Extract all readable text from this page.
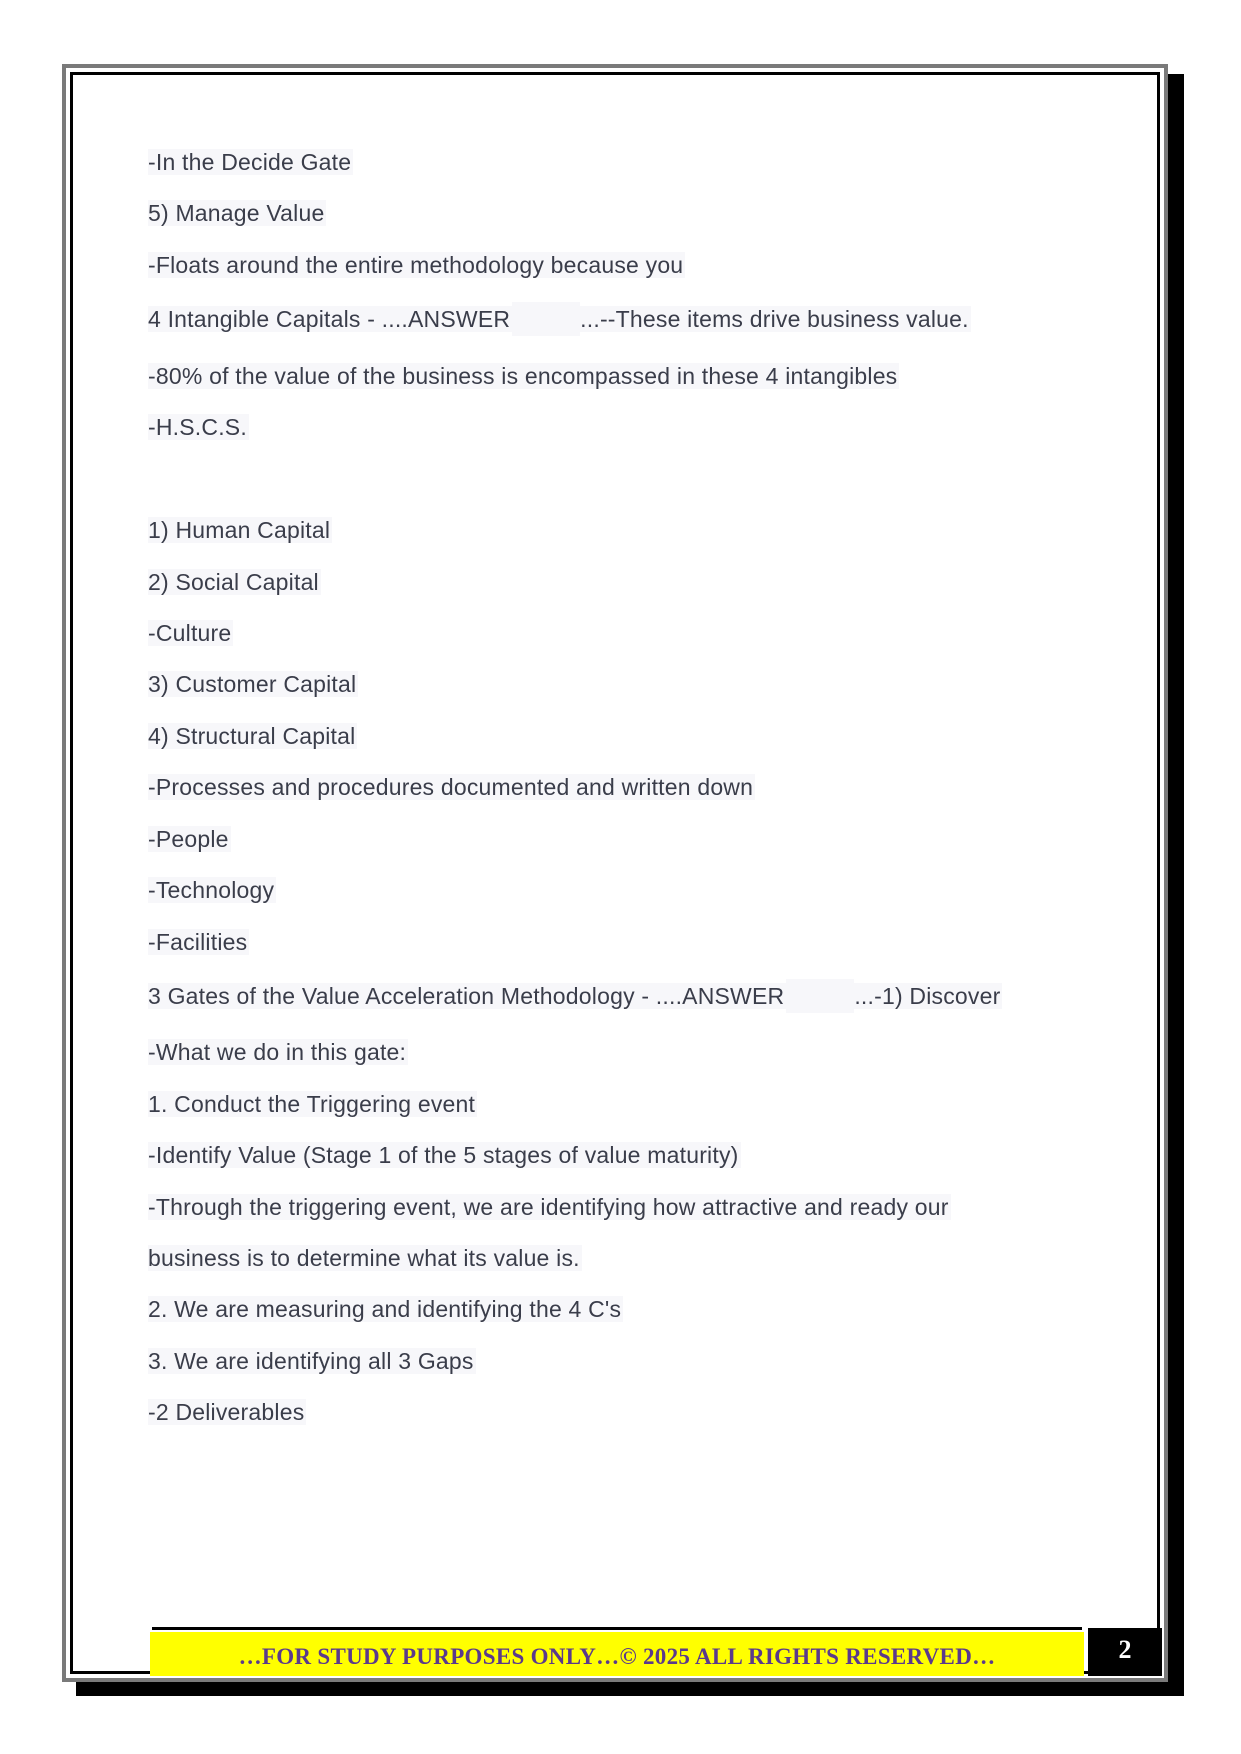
-In the Decide Gate
5) Manage Value
-Floats around the entire methodology because you
4 Intangible Capitals - ....ANSWER	...--These items drive business value.
-80% of the value of the business is encompassed in these 4 intangibles
-H.S.C.S.
1) Human Capital
2) Social Capital
-Culture
3) Customer Capital
4) Structural Capital
-Processes and procedures documented and written down
-People
-Technology
-Facilities
3 Gates of the Value Acceleration Methodology - ....ANSWER	...-1) Discover
-What we do in this gate:
1. Conduct the Triggering event
-Identify Value (Stage 1 of the 5 stages of value maturity)
-Through the triggering event, we are identifying how attractive and ready our
business is to determine what its value is.
2. We are measuring and identifying the 4 C's
3. We are identifying all 3 Gaps
-2 Deliverables
…FOR STUDY PURPOSES ONLY…© 2025 ALL RIGHTS RESERVED…	2
